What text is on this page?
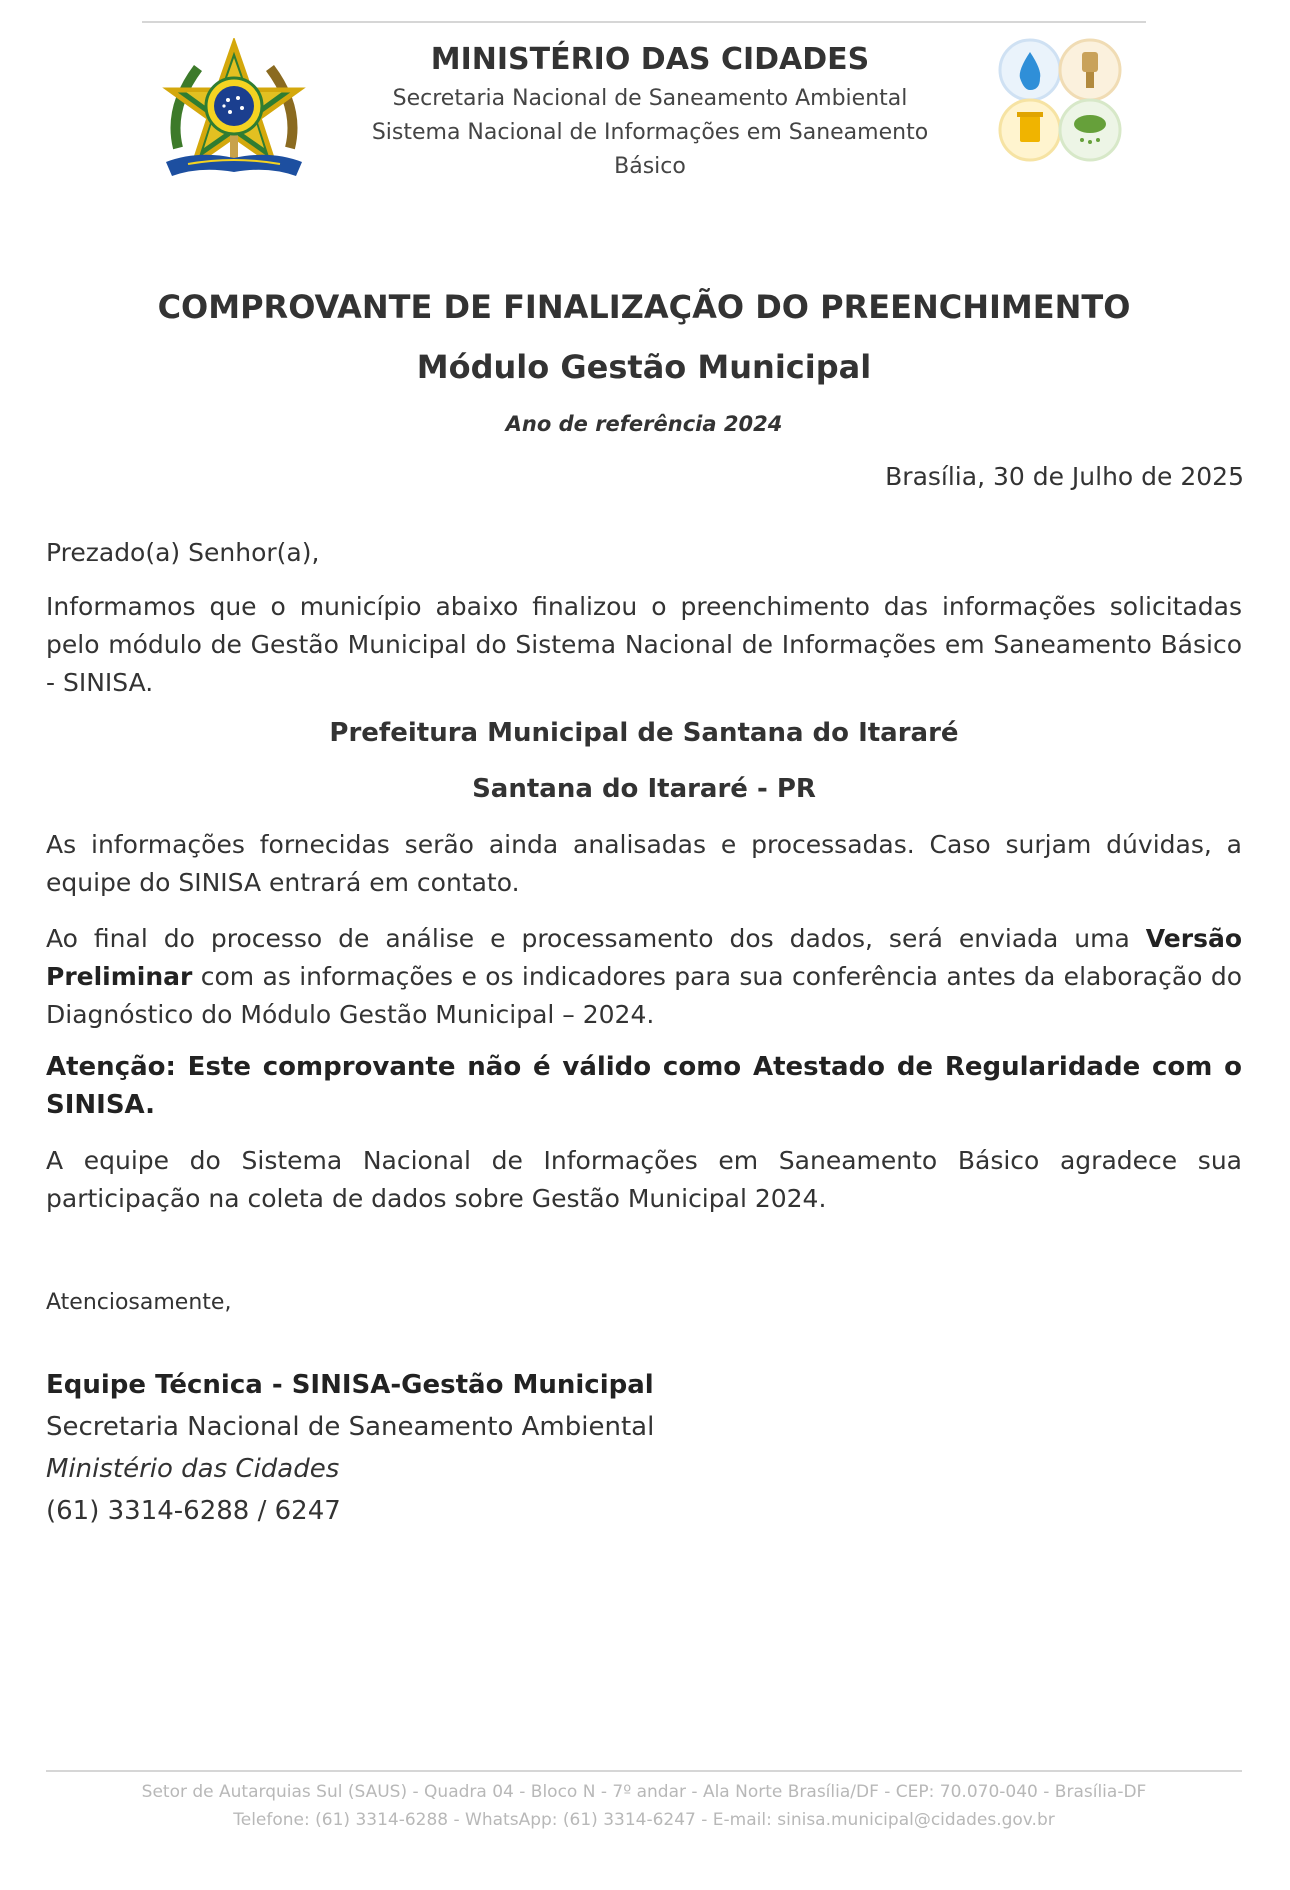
MINISTÉRIO DAS CIDADES

Secretaria Nacional de Saneamento Ambiental

Sistema Nacional de Informações em Saneamento

Básico

COMPROVANTE DE FINALIZAÇÃO DO PREENCHIMENTO
Módulo Gestão Municipal
Ano de referência 2024
Brasília, 30 de Julho de 2025
Prezado(a) Senhor(a),
Informamos que o município abaixo finalizou o preenchimento das informações solicitadas pelo módulo de Gestão Municipal do Sistema Nacional de Informações em Saneamento Básico - SINISA.
Prefeitura Municipal de Santana do Itararé
Santana do Itararé - PR
As informações fornecidas serão ainda analisadas e processadas. Caso surjam dúvidas, a equipe do SINISA entrará em contato.
Ao final do processo de análise e processamento dos dados, será enviada uma Versão Preliminar com as informações e os indicadores para sua conferência antes da elaboração do Diagnóstico do Módulo Gestão Municipal – 2024.
Atenção: Este comprovante não é válido como Atestado de Regularidade com o SINISA.
A equipe do Sistema Nacional de Informações em Saneamento Básico agradece sua participação na coleta de dados sobre Gestão Municipal 2024.
Atenciosamente,
Equipe Técnica - SINISA-Gestão Municipal
Secretaria Nacional de Saneamento Ambiental
Ministério das Cidades
(61) 3314-6288 / 6247
Setor de Autarquias Sul (SAUS) - Quadra 04 - Bloco N - 7º andar - Ala Norte Brasília/DF - CEP: 70.070-040 - Brasília-DF
Telefone: (61) 3314-6288 - WhatsApp: (61) 3314-6247 - E-mail: sinisa.municipal@cidades.gov.br
